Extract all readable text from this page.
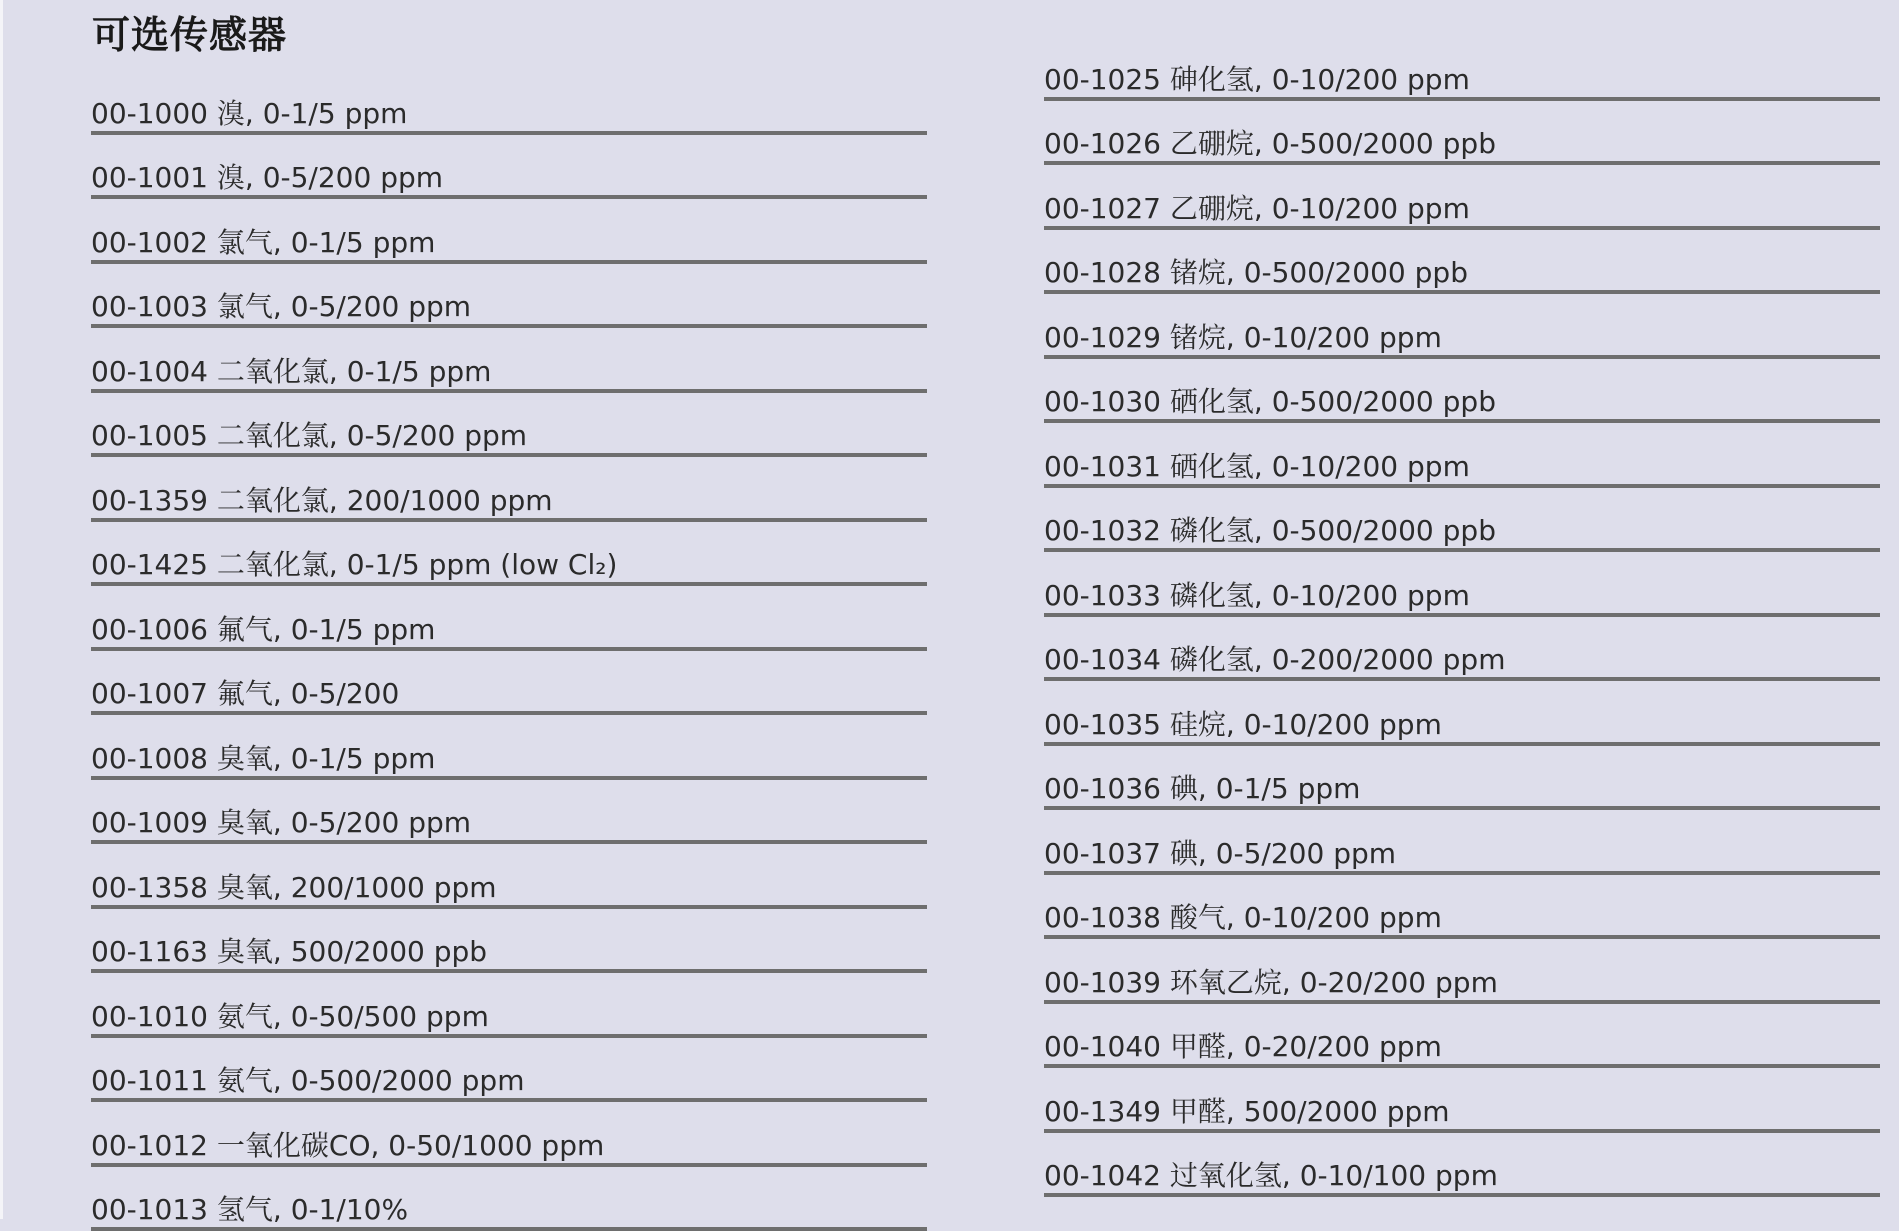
可选传感器
00-1000 溴, 0-1/5 ppm
00-1001 溴, 0-5/200 ppm
00-1002 氯气, 0-1/5 ppm
00-1003 氯气, 0-5/200 ppm
00-1004 二氧化氯, 0-1/5 ppm
00-1005 二氧化氯, 0-5/200 ppm
00-1359 二氧化氯, 200/1000 ppm
00-1425 二氧化氯, 0-1/5 ppm (low Cl₂)
00-1006 氟气, 0-1/5 ppm
00-1007 氟气, 0-5/200
00-1008 臭氧, 0-1/5 ppm
00-1009 臭氧, 0-5/200 ppm
00-1358 臭氧, 200/1000 ppm
00-1163 臭氧, 500/2000 ppb
00-1010 氨气, 0-50/500 ppm
00-1011 氨气, 0-500/2000 ppm
00-1012 一氧化碳CO, 0-50/1000 ppm
00-1013 氢气, 0-1/10%
00-1025 砷化氢, 0-10/200 ppm
00-1026 乙硼烷, 0-500/2000 ppb
00-1027 乙硼烷, 0-10/200 ppm
00-1028 锗烷, 0-500/2000 ppb
00-1029 锗烷, 0-10/200 ppm
00-1030 硒化氢, 0-500/2000 ppb
00-1031 硒化氢, 0-10/200 ppm
00-1032 磷化氢, 0-500/2000 ppb
00-1033 磷化氢, 0-10/200 ppm
00-1034 磷化氢, 0-200/2000 ppm
00-1035 硅烷, 0-10/200 ppm
00-1036 碘, 0-1/5 ppm
00-1037 碘, 0-5/200 ppm
00-1038 酸气, 0-10/200 ppm
00-1039 环氧乙烷, 0-20/200 ppm
00-1040 甲醛, 0-20/200 ppm
00-1349 甲醛, 500/2000 ppm
00-1042 过氧化氢, 0-10/100 ppm
